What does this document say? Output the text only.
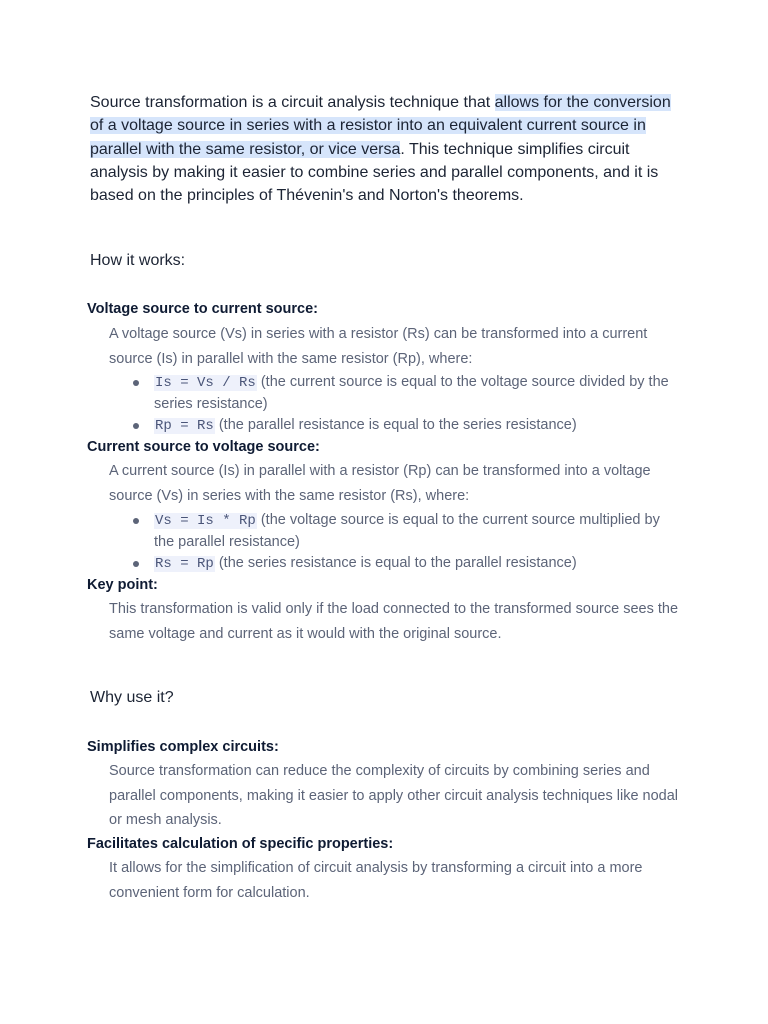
Source transformation is a circuit analysis technique that allows for the conversion of a voltage source in series with a resistor into an equivalent current source in parallel with the same resistor, or vice versa. This technique simplifies circuit analysis by making it easier to combine series and parallel components, and it is based on the principles of Thévenin's and Norton's theorems.

How it works:
Voltage source to current source:

A voltage source (Vs) in series with a resistor (Rs) can be transformed into a current source (Is) in parallel with the same resistor (Rp), where:

Is = Vs / Rs (the current source is equal to the voltage source divided by the series resistance)
Rp = Rs (the parallel resistance is equal to the series resistance)
Current source to voltage source:

A current source (Is) in parallel with a resistor (Rp) can be transformed into a voltage source (Vs) in series with the same resistor (Rs), where:

Vs = Is * Rp (the voltage source is equal to the current source multiplied by the parallel resistance)
Rs = Rp (the series resistance is equal to the parallel resistance)
Key point:

This transformation is valid only if the load connected to the transformed source sees the same voltage and current as it would with the original source.

Why use it?
Simplifies complex circuits:

Source transformation can reduce the complexity of circuits by combining series and parallel components, making it easier to apply other circuit analysis techniques like nodal or mesh analysis.

Facilitates calculation of specific properties:

It allows for the simplification of circuit analysis by transforming a circuit into a more convenient form for calculation.
